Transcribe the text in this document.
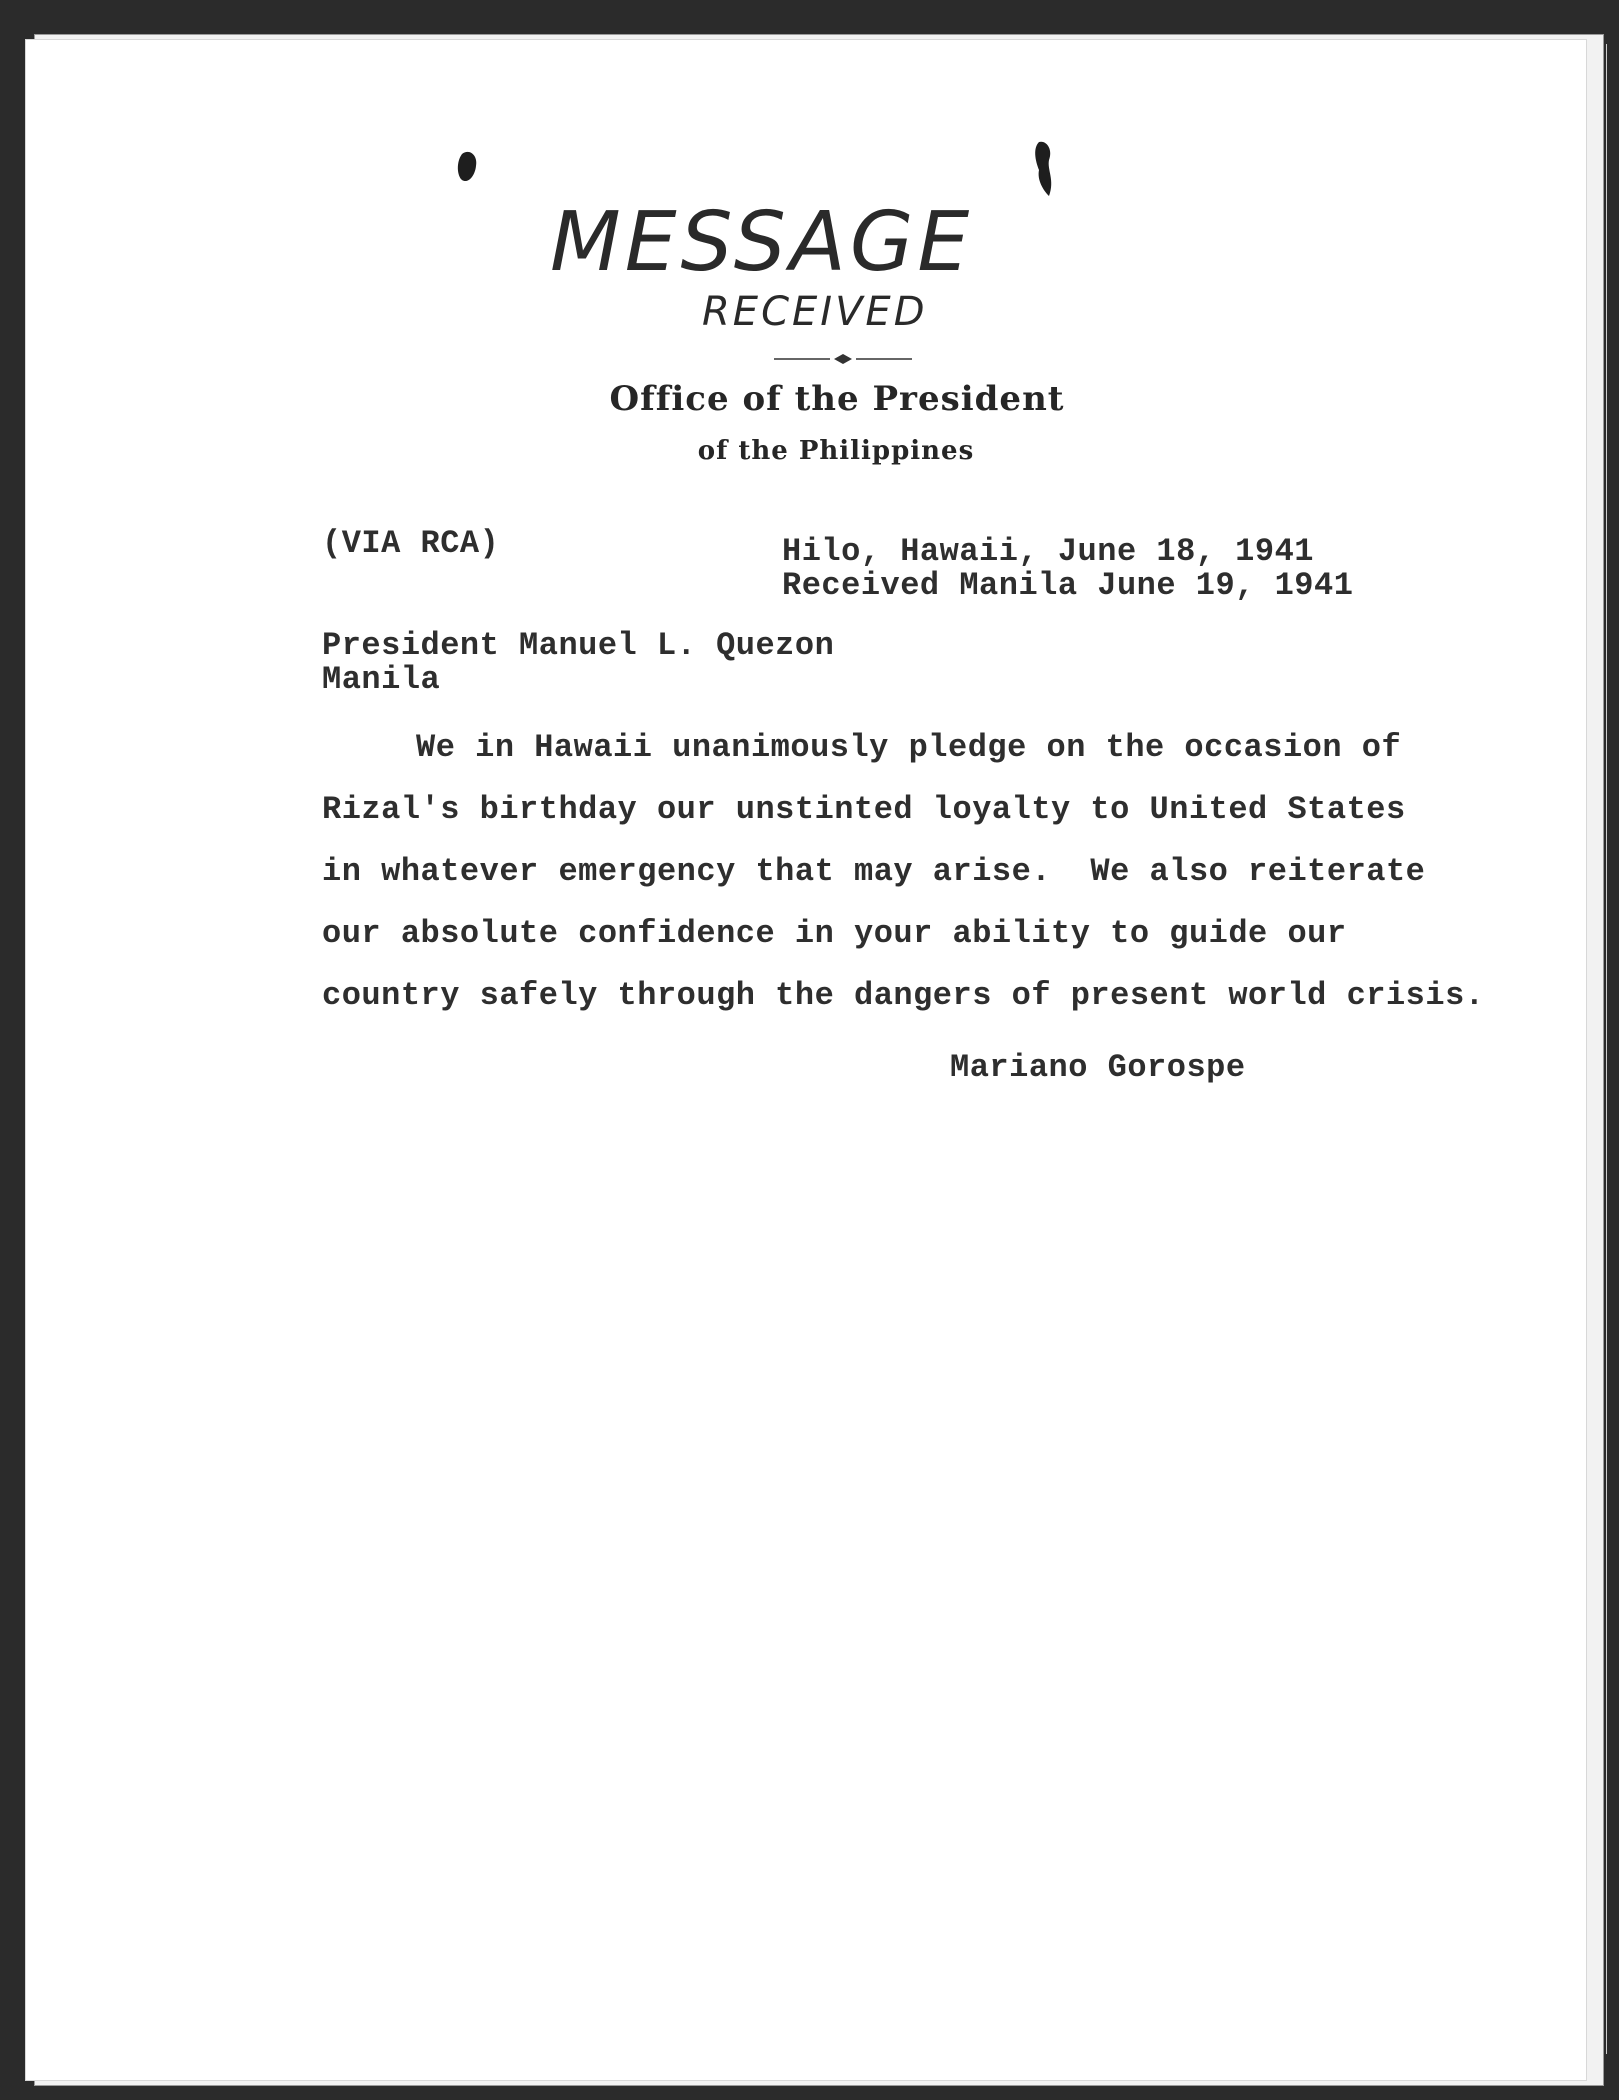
MESSAGE
RECEIVED
Office of the President
of the Philippines
(VIA RCA)	Hilo, Hawaii, June 18, 1941
Received Manila June 19, 1941
President Manuel L. Quezon
Manila
We in Hawaii unanimously pledge on the occasion of
Rizal's birthday our unstinted loyalty to United States
in whatever emergency that may arise.  We also reiterate
our absolute confidence in your ability to guide our
country safely through the dangers of present world crisis.
Mariano Gorospe
